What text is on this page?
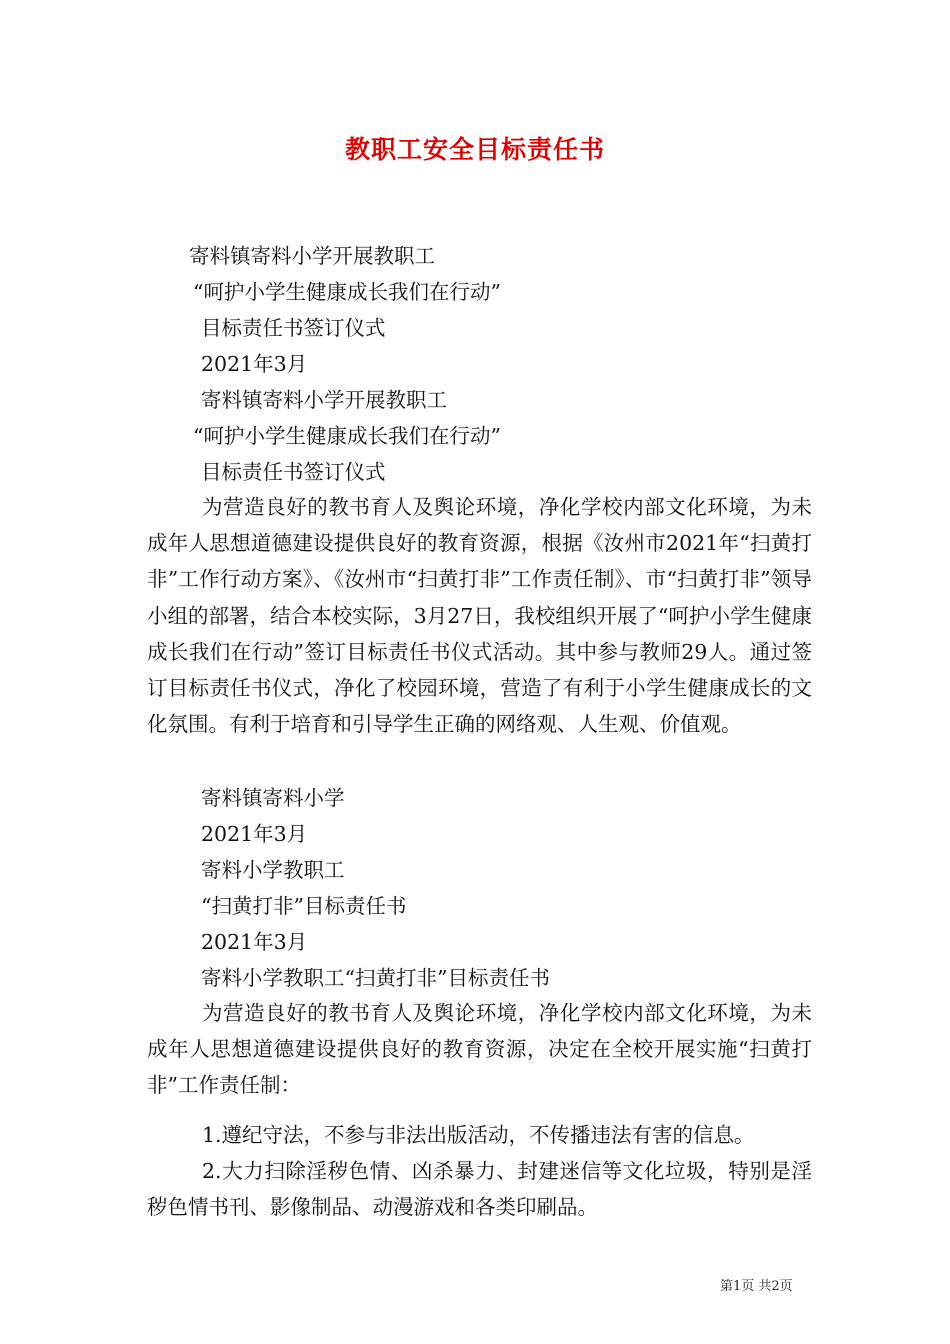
教职工安全目标责任书
寄料镇寄料小学开展教职工
“呵护小学生健康成长我们在行动”
目标责任书签订仪式
2021年3月
寄料镇寄料小学开展教职工
“呵护小学生健康成长我们在行动”
目标责任书签订仪式
为营造良好的教书育人及舆论环境，净化学校内部文化环境，为未成年人思想道德建设提供良好的教育资源，根据《汝州市2021年“扫黄打非”工作行动方案》、《汝州市“扫黄打非”工作责任制》、市“扫黄打非”领导小组的部署，结合本校实际，3月27日，我校组织开展了“呵护小学生健康成长我们在行动”签订目标责任书仪式活动。其中参与教师29人。通过签订目标责任书仪式，净化了校园环境，营造了有利于小学生健康成长的文化氛围。有利于培育和引导学生正确的网络观、人生观、价值观。
寄料镇寄料小学
2021年3月
寄料小学教职工
“扫黄打非”目标责任书
2021年3月
寄料小学教职工“扫黄打非”目标责任书
为营造良好的教书育人及舆论环境，净化学校内部文化环境，为未成年人思想道德建设提供良好的教育资源，决定在全校开展实施“扫黄打非”工作责任制：
1.遵纪守法，不参与非法出版活动，不传播违法有害的信息。
2.大力扫除淫秽色情、凶杀暴力、封建迷信等文化垃圾，特别是淫秽色情书刊、影像制品、动漫游戏和各类印刷品。
第1页 共2页
